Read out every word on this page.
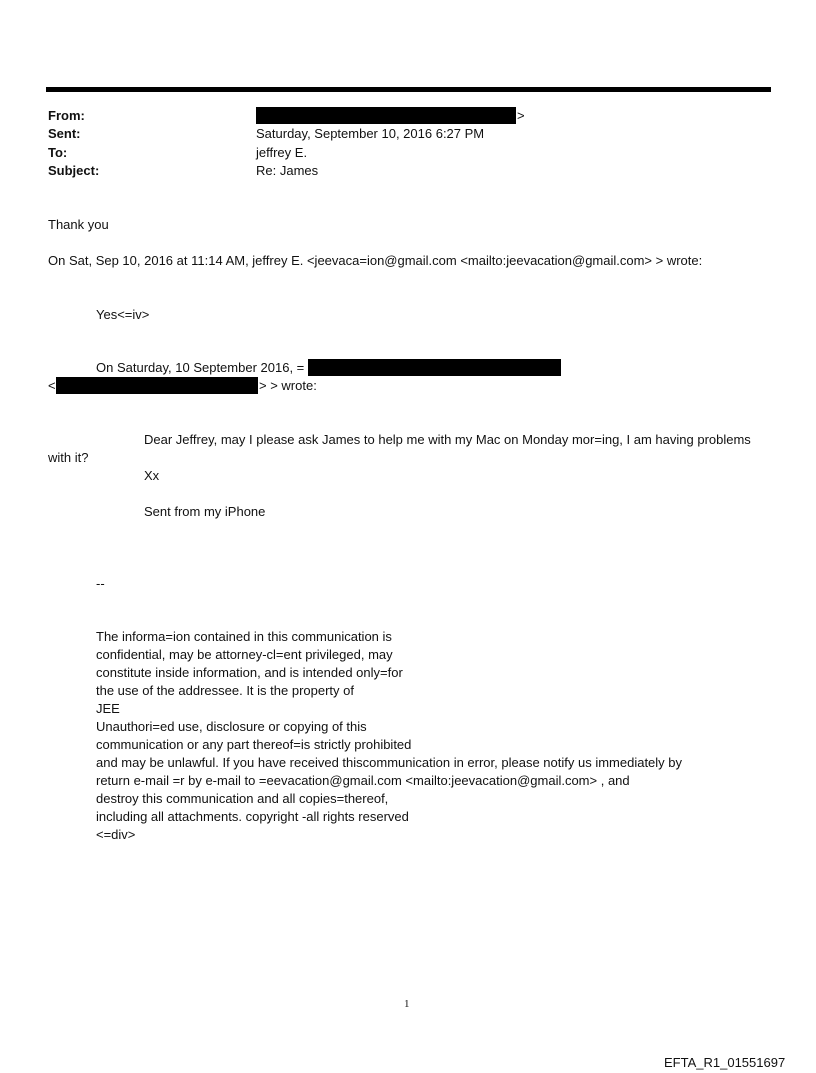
From:	>
Sent:	Saturday, September 10, 2016 6:27 PM
To:	jeffrey E.
Subject:	Re: James
Thank you
On Sat, Sep 10, 2016 at 11:14 AM, jeffrey E. <jeevaca=ion@gmail.com <mailto:jeevacation@gmail.com> > wrote:
Yes<=iv>
On Saturday, 10 September 2016, =
<	> > wrote:
Dear Jeffrey, may I please ask James to help me with my Mac on Monday mor=ing, I am having problems
with it?
Xx
Sent from my iPhone
--
The informa=ion contained in this communication is
confidential, may be attorney-cl=ent privileged, may
constitute inside information, and is intended only=for
the use of the addressee. It is the property of
JEE
Unauthori=ed use, disclosure or copying of this
communication or any part thereof=is strictly prohibited
and may be unlawful. If you have received thiscommunication in error, please notify us immediately by
return e-mail =r by e-mail to =eevacation@gmail.com <mailto:jeevacation@gmail.com> , and
destroy this communication and all copies=thereof,
including all attachments. copyright -all rights reserved
<=div>
1
EFTA_R1_01551697
